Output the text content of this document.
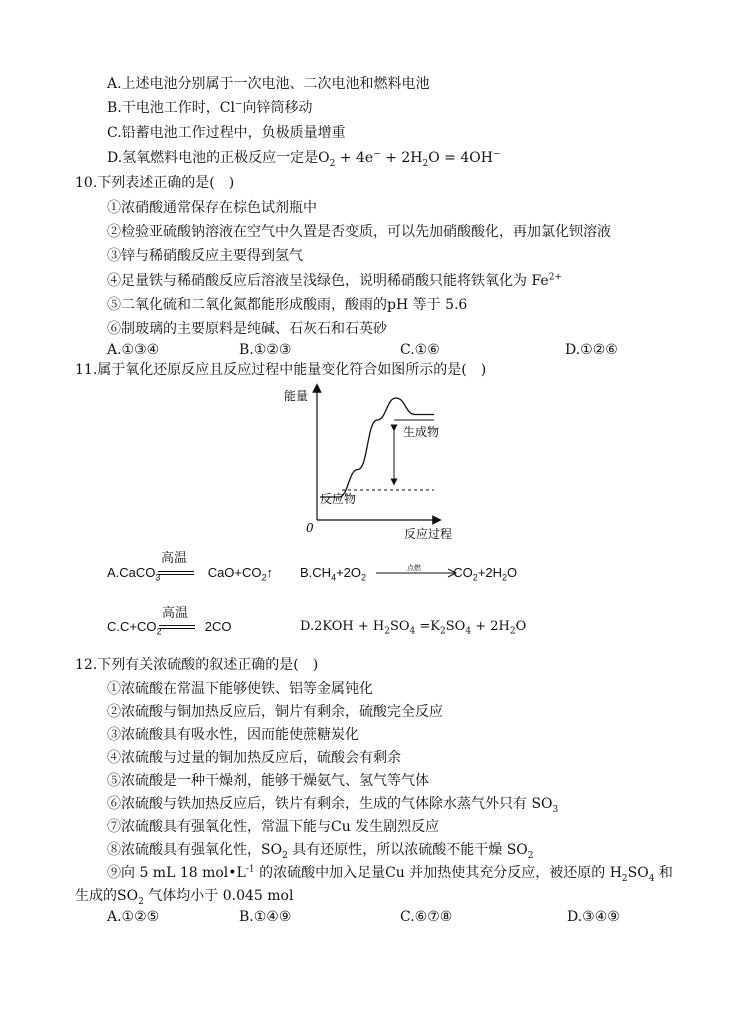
A.上述电池分别属于一次电池、二次电池和燃料电池
B.干电池工作时，Cl−向锌筒移动
C.铅蓄电池工作过程中，负极质量增重
D.氢氧燃料电池的正极反应一定是$O_2 + 4e^- + 2H_2O = 4OH^-$
10.下列表述正确的是(　)
①浓硝酸通常保存在棕色试剂瓶中
②检验亚硫酸钠溶液在空气中久置是否变质，可以先加硝酸酸化，再加氯化钡溶液
③锌与稀硝酸反应主要得到氢气
④足量铁与稀硝酸反应后溶液呈浅绿色，说明稀硝酸只能将铁氧化为 $Fe^{2+}$
⑤二氧化硫和二氧化氮都能形成酸雨，酸雨的pH 等于 5.6
⑥制玻璃的主要原料是纯碱、石灰石和石英砂
A.①③④	B.①②③	C.①⑥	D.①②⑥
11.属于氧化还原反应且反应过程中能量变化符合如图所示的是(　)
能量
反应过程
0
生成物
反应物
A.CaCO$_3$	$CaO+CO_2↑$
高温
$B.CH_4+2O_2$	$CO_2+2H_2O$
点燃
$C.C+CO_2$	2CO
高温
$D.2KOH + H_2SO_4 =K_2SO_4 + 2H_2O$
12.下列有关浓硫酸的叙述正确的是(　)
①浓硫酸在常温下能够使铁、铝等金属钝化
②浓硫酸与铜加热反应后，铜片有剩余，硫酸完全反应
③浓硫酸具有吸水性，因而能使蔗糖炭化
④浓硫酸与过量的铜加热反应后，硫酸会有剩余
⑤浓硫酸是一种干燥剂，能够干燥氨气、氢气等气体
⑥浓硫酸与铁加热反应后，铁片有剩余，生成的气体除水蒸气外只有 $SO_3$
⑦浓硫酸具有强氧化性，常温下能与Cu 发生剧烈反应
⑧浓硫酸具有强氧化性，$SO_2$ 具有还原性，所以浓硫酸不能干燥 $SO_2$
⑨向 5 mL 18 $mol•L^{-1}$ 的浓硫酸中加入足量Cu 并加热使其充分反应，被还原的 $H_2SO_4$ 和
生成的$SO_2$ 气体均小于 0.045 mol
A.①②⑤	B.①④⑨	C.⑥⑦⑧	D.③④⑨
